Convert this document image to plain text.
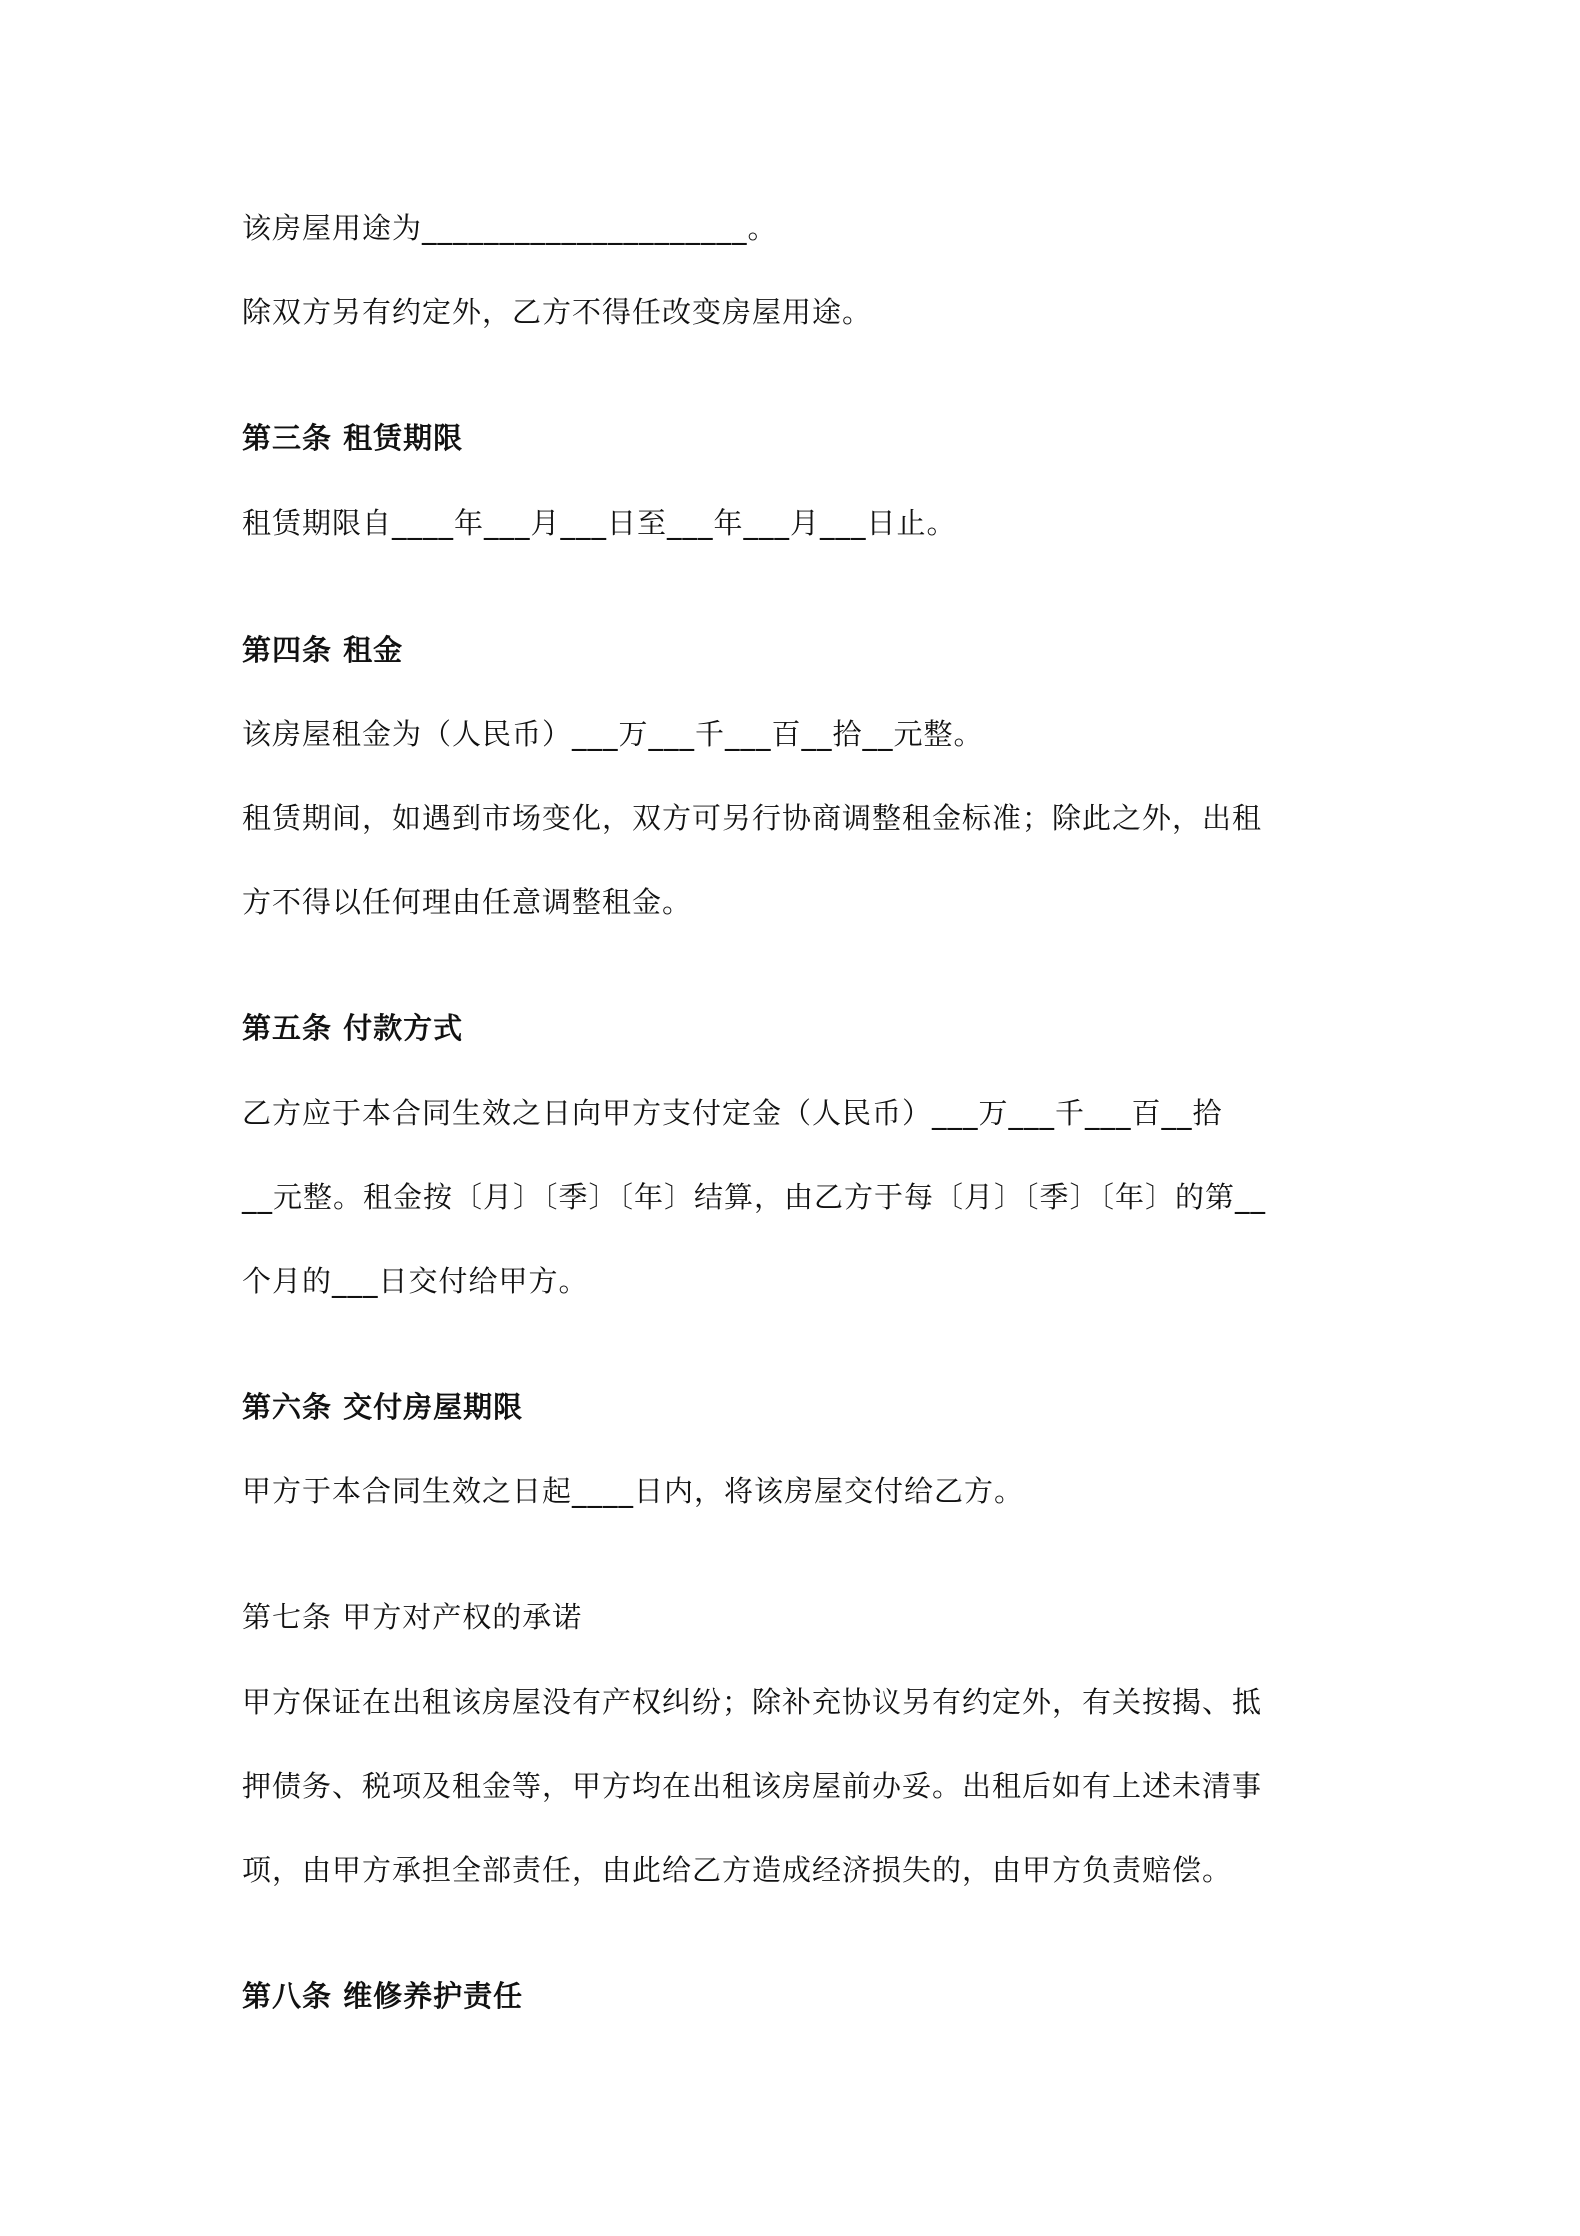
该房屋用途为_____________________。
除双方另有约定外，乙方不得任改变房屋用途。
第三条 租赁期限
租赁期限自____年___月___日至___年___月___日止。
第四条 租金
该房屋租金为（人民币）___万___千___百__拾__元整。
租赁期间，如遇到市场变化，双方可另行协商调整租金标准；除此之外，出租
方不得以任何理由任意调整租金。
第五条 付款方式
乙方应于本合同生效之日向甲方支付定金（人民币）___万___千___百__拾
__元整。租金按〔月〕〔季〕〔年〕结算，由乙方于每〔月〕〔季〕〔年〕的第__
个月的___日交付给甲方。
第六条 交付房屋期限
甲方于本合同生效之日起____日内，将该房屋交付给乙方。
第七条 甲方对产权的承诺
甲方保证在出租该房屋没有产权纠纷；除补充协议另有约定外，有关按揭、抵
押债务、税项及租金等，甲方均在出租该房屋前办妥。出租后如有上述未清事
项，由甲方承担全部责任，由此给乙方造成经济损失的，由甲方负责赔偿。
第八条 维修养护责任
